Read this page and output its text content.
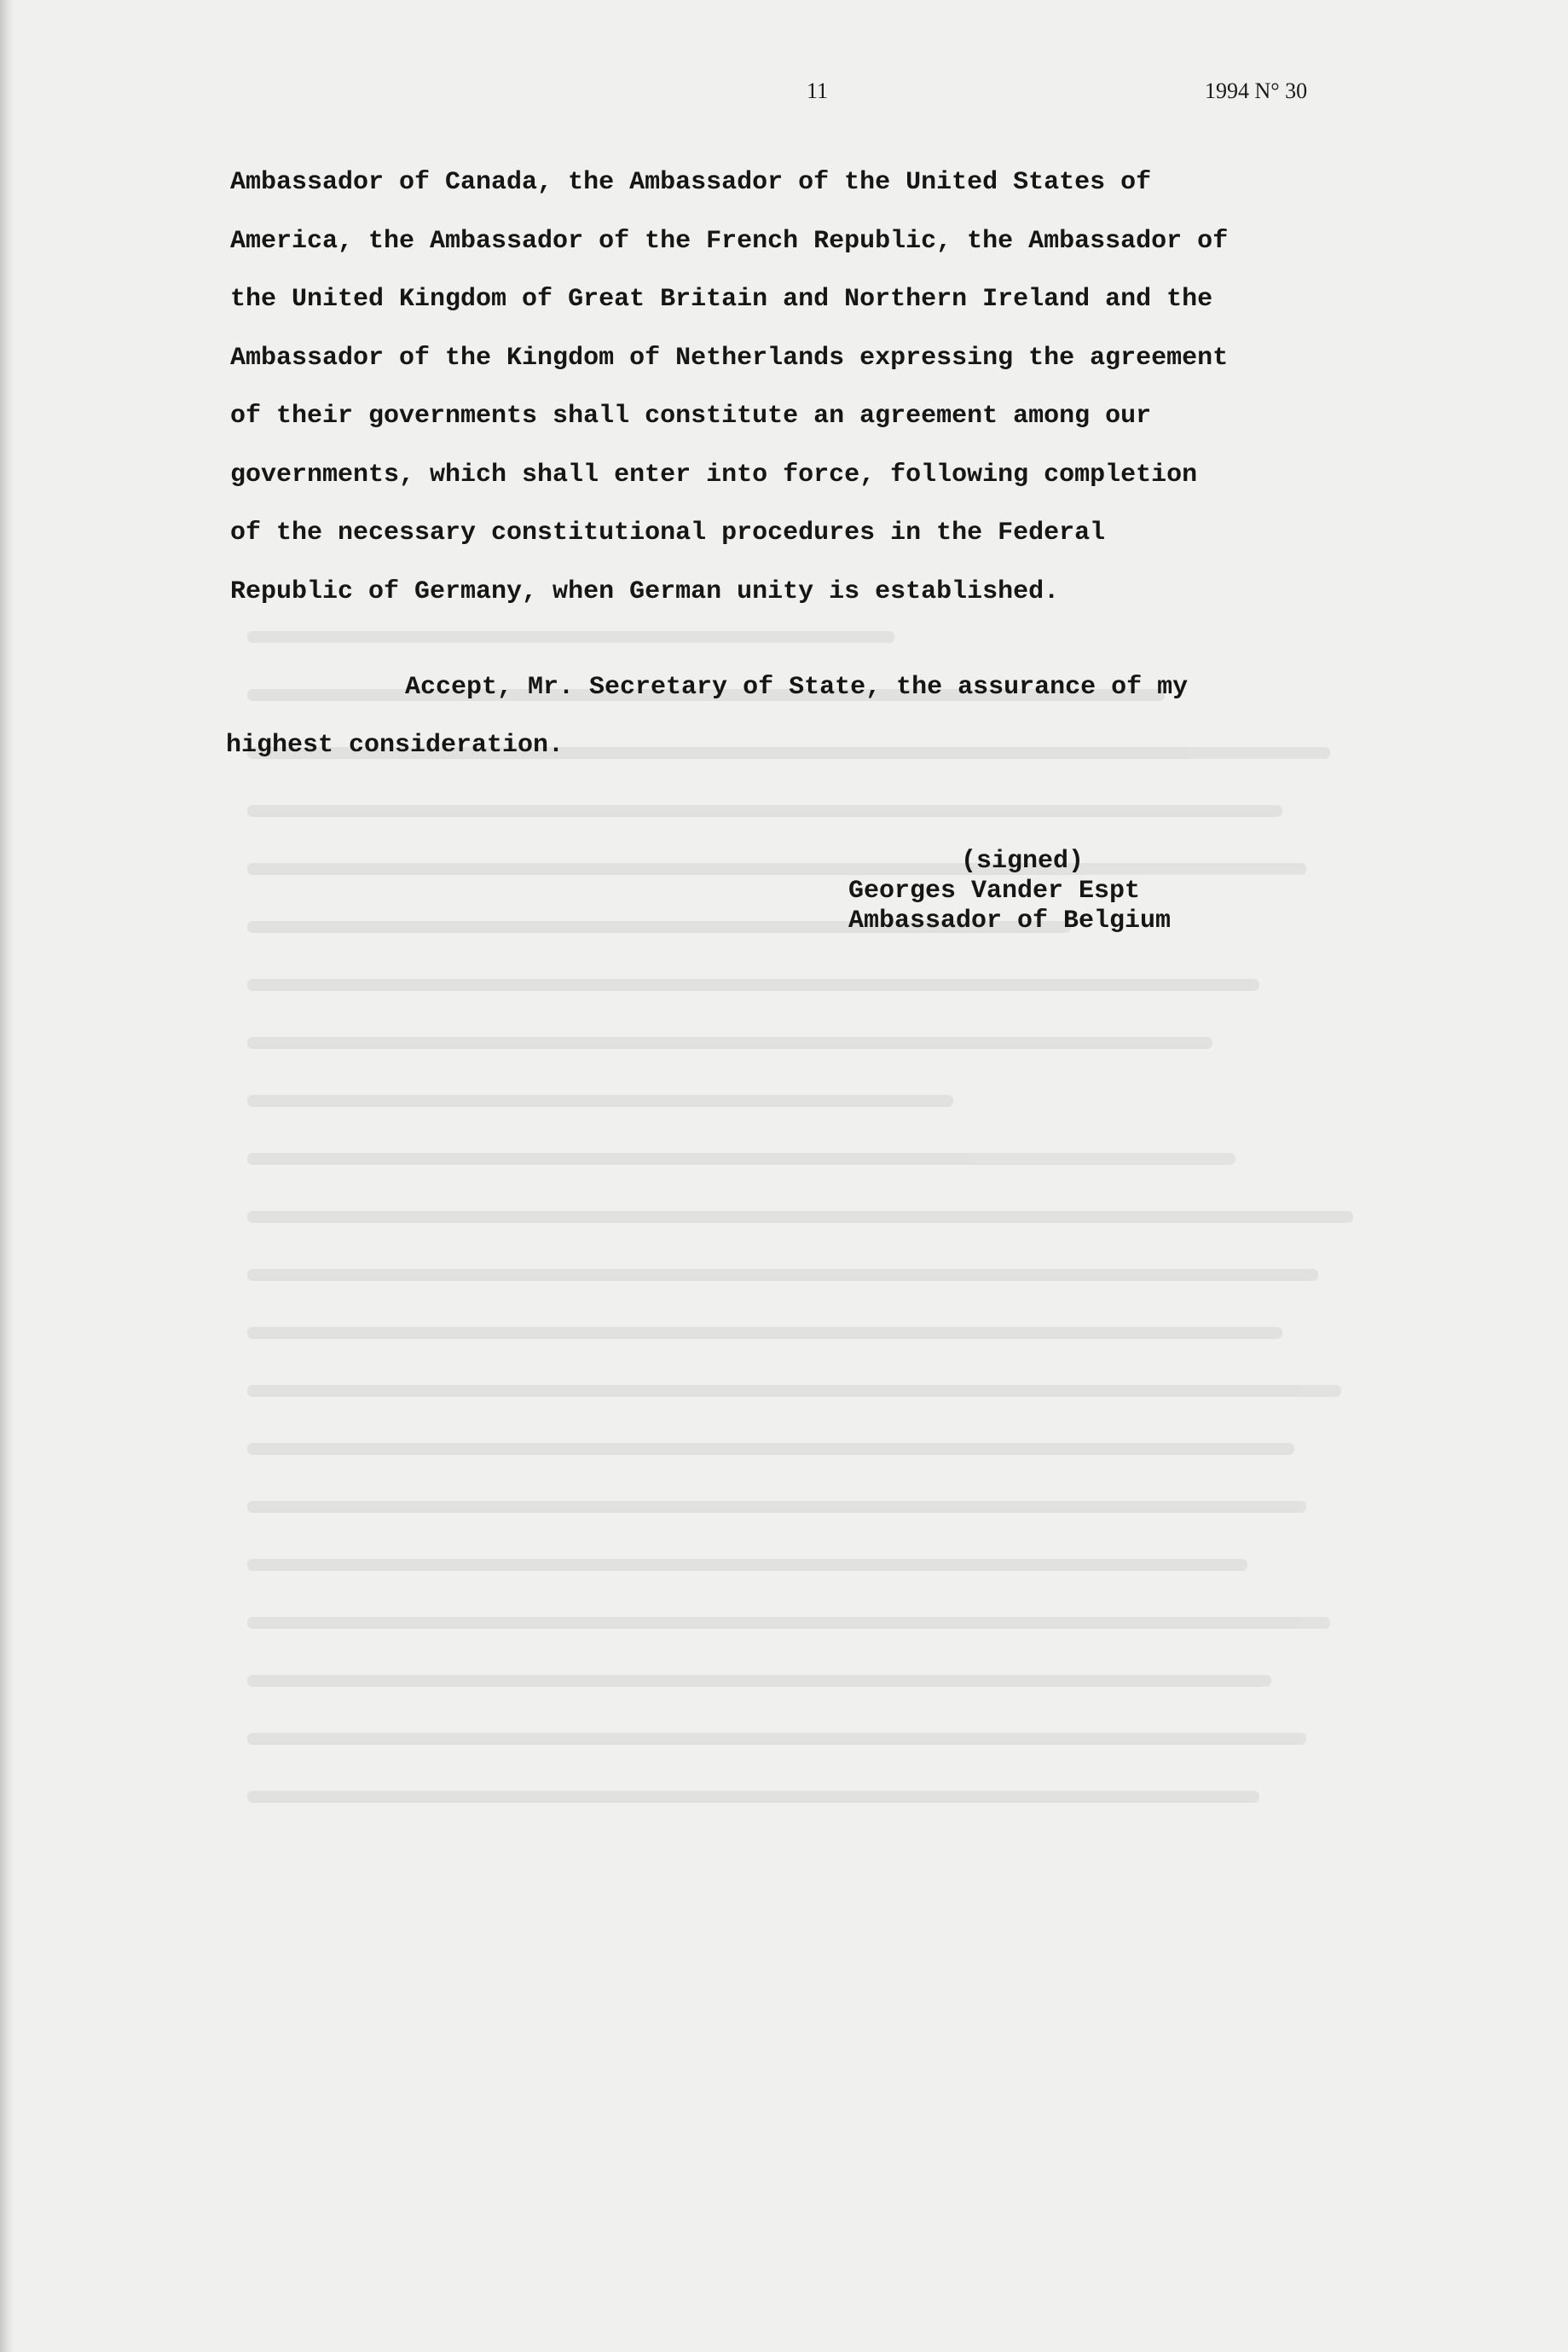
11	1994 N° 30

Ambassador of Canada, the Ambassador of the United States of
America, the Ambassador of the French Republic, the Ambassador of
the United Kingdom of Great Britain and Northern Ireland and the
Ambassador of the Kingdom of Netherlands expressing the agreement
of their governments shall constitute an agreement among our
governments, which shall enter into force, following completion
of the necessary constitutional procedures in the Federal
Republic of Germany, when German unity is established.
Accept, Mr. Secretary of State, the assurance of my
highest consideration.
(signed)
Georges Vander Espt
Ambassador of Belgium
